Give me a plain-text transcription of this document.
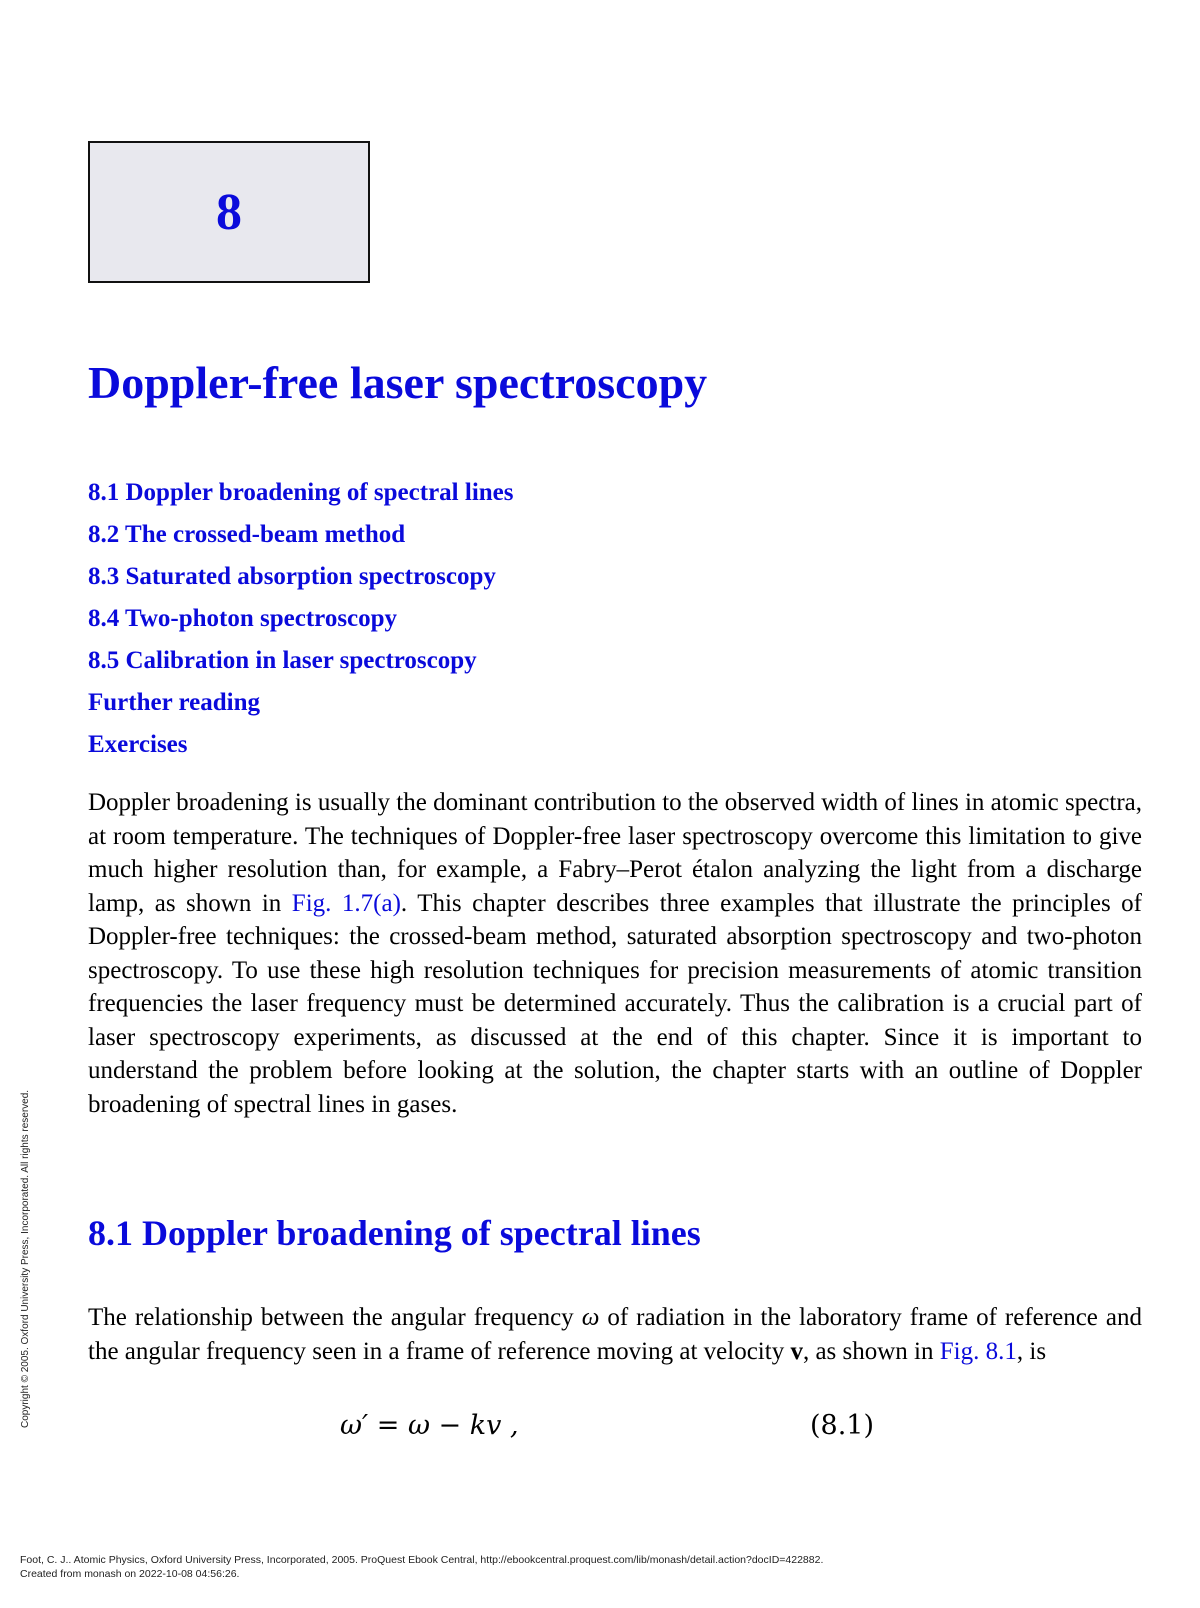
8
Doppler-free laser spectroscopy
8.1 Doppler broadening of spectral lines
8.2 The crossed-beam method
8.3 Saturated absorption spectroscopy
8.4 Two-photon spectroscopy
8.5 Calibration in laser spectroscopy
Further reading
Exercises

Doppler broadening is usually the dominant contribution to the observed width of lines in atomic spectra, at room temperature. The techniques of Doppler-free laser spectroscopy overcome this limitation to give much higher resolution than, for example, a Fabry–Perot étalon analyzing the light from a discharge lamp, as shown in Fig. 1.7(a). This chapter describes three examples that illustrate the principles of Doppler-free techniques: the crossed-beam method, saturated absorption spectroscopy and two-photon spectroscopy. To use these high resolution techniques for precision measurements of atomic transition frequencies the laser frequency must be determined accurately. Thus the calibration is a crucial part of laser spectroscopy experiments, as discussed at the end of this chapter. Since it is important to understand the problem before looking at the solution, the chapter starts with an outline of Doppler broadening of spectral lines in gases.

8.1 Doppler broadening of spectral lines

The relationship between the angular frequency ω of radiation in the laboratory frame of reference and the angular frequency seen in a frame of reference moving at velocity v, as shown in Fig. 8.1, is

ω′ = ω − kv ,	(8.1)
Copyright © 2005. Oxford University Press, Incorporated. All rights reserved.
Foot, C. J.. Atomic Physics, Oxford University Press, Incorporated, 2005. ProQuest Ebook Central, http://ebookcentral.proquest.com/lib/monash/detail.action?docID=422882.
Created from monash on 2022-10-08 04:56:26.
